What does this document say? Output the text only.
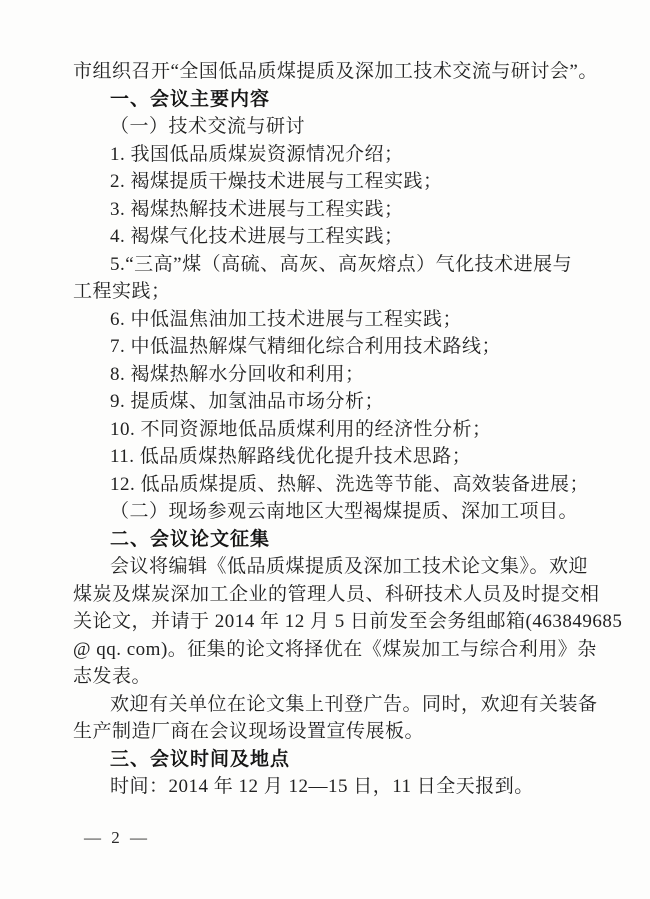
市组织召开“全国低品质煤提质及深加工技术交流与研讨会”。

一、会议主要内容

（一）技术交流与研讨

1. 我国低品质煤炭资源情况介绍；

2. 褐煤提质干燥技术进展与工程实践；

3. 褐煤热解技术进展与工程实践；

4. 褐煤气化技术进展与工程实践；

5.“三高”煤（高硫、高灰、高灰熔点）气化技术进展与

工程实践；

6. 中低温焦油加工技术进展与工程实践；

7. 中低温热解煤气精细化综合利用技术路线；

8. 褐煤热解水分回收和利用；

9. 提质煤、加氢油品市场分析；

10. 不同资源地低品质煤利用的经济性分析；

11. 低品质煤热解路线优化提升技术思路；

12. 低品质煤提质、热解、洗选等节能、高效装备进展；

（二）现场参观云南地区大型褐煤提质、深加工项目。

二、会议论文征集

会议将编辑《低品质煤提质及深加工技术论文集》。欢迎

煤炭及煤炭深加工企业的管理人员、科研技术人员及时提交相

关论文，并请于 2014 年 12 月 5 日前发至会务组邮箱(463849685

@ qq. com)。征集的论文将择优在《煤炭加工与综合利用》杂

志发表。

欢迎有关单位在论文集上刊登广告。同时，欢迎有关装备

生产制造厂商在会议现场设置宣传展板。

三、会议时间及地点

时间：2014 年 12 月 12—15 日，11 日全天报到。

— 2 —
